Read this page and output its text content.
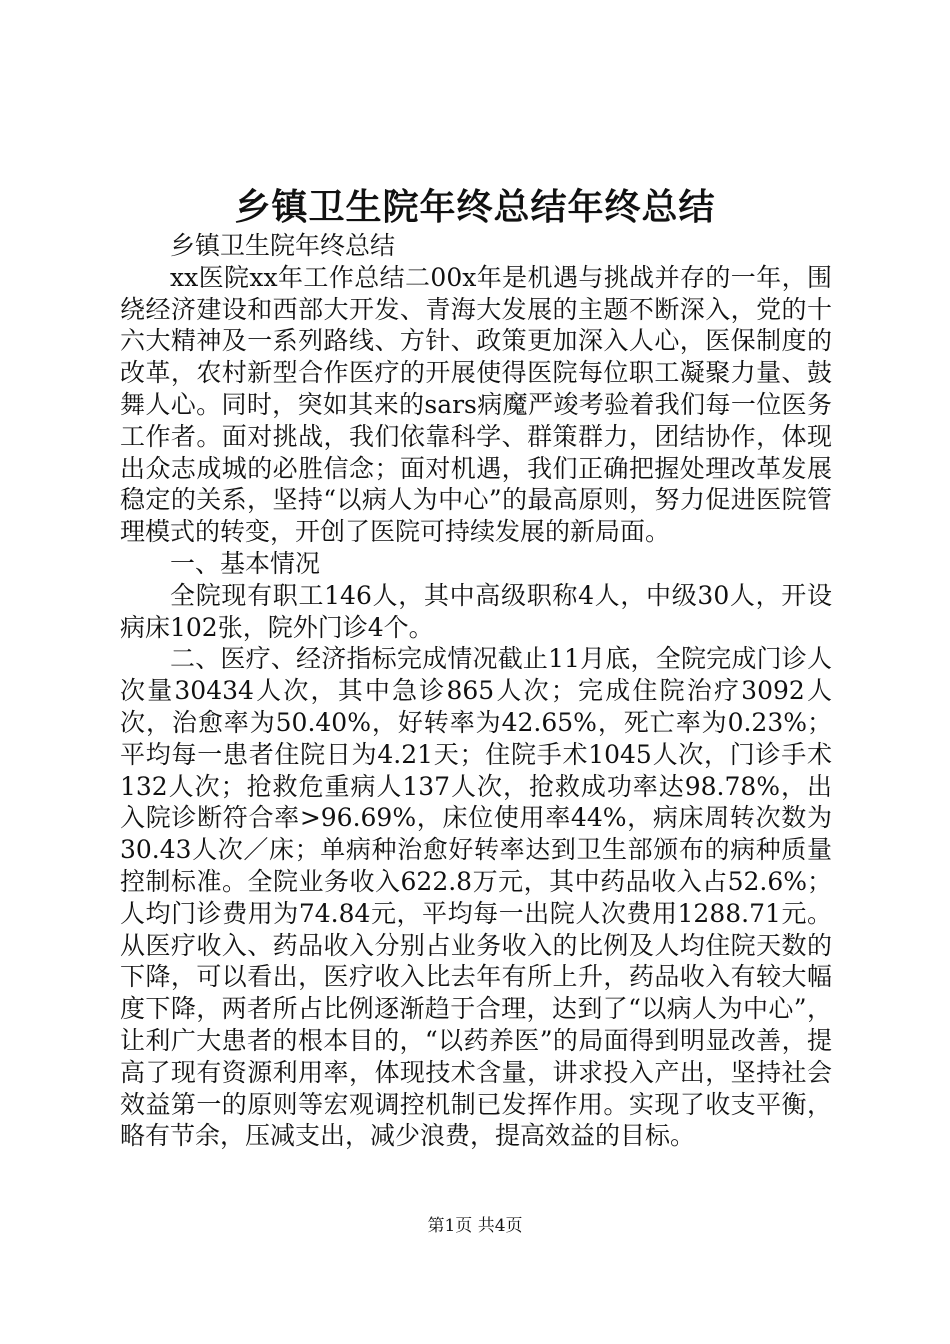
乡镇卫生院年终总结年终总结

乡镇卫生院年终总结

xx医院xx年工作总结二00x年是机遇与挑战并存的一年，围绕经济建设和西部大开发、青海大发展的主题不断深入，党的十六大精神及一系列路线、方针、政策更加深入人心，医保制度的改革，农村新型合作医疗的开展使得医院每位职工凝聚力量、鼓舞人心。同时，突如其来的sars病魔严竣考验着我们每一位医务工作者。面对挑战，我们依靠科学、群策群力，团结协作，体现出众志成城的必胜信念；面对机遇，我们正确把握处理改革发展稳定的关系，坚持“以病人为中心”的最高原则，努力促进医院管理模式的转变，开创了医院可持续发展的新局面。

一、基本情况

全院现有职工146人，其中高级职称4人，中级30人，开设病床102张，院外门诊4个。

二、医疗、经济指标完成情况截止11月底，全院完成门诊人次量30434人次，其中急诊865人次；完成住院治疗3092人次，治愈率为50.40%，好转率为42.65%，死亡率为0.23%；平均每一患者住院日为4.21天；住院手术1045人次，门诊手术132人次；抢救危重病人137人次，抢救成功率达98.78%，出入院诊断符合率>96.69%，床位使用率44%，病床周转次数为30.43人次／床；单病种治愈好转率达到卫生部颁布的病种质量控制标准。全院业务收入622.8万元，其中药品收入占52.6%；人均门诊费用为74.84元，平均每一出院人次费用1288.71元。从医疗收入、药品收入分别占业务收入的比例及人均住院天数的下降，可以看出，医疗收入比去年有所上升，药品收入有较大幅度下降，两者所占比例逐渐趋于合理，达到了“以病人为中心”，让利广大患者的根本目的，“以药养医”的局面得到明显改善，提高了现有资源利用率，体现技术含量，讲求投入产出，坚持社会效益第一的原则等宏观调控机制已发挥作用。实现了收支平衡，略有节余，压减支出，减少浪费，提高效益的目标。

第1页 共4页
